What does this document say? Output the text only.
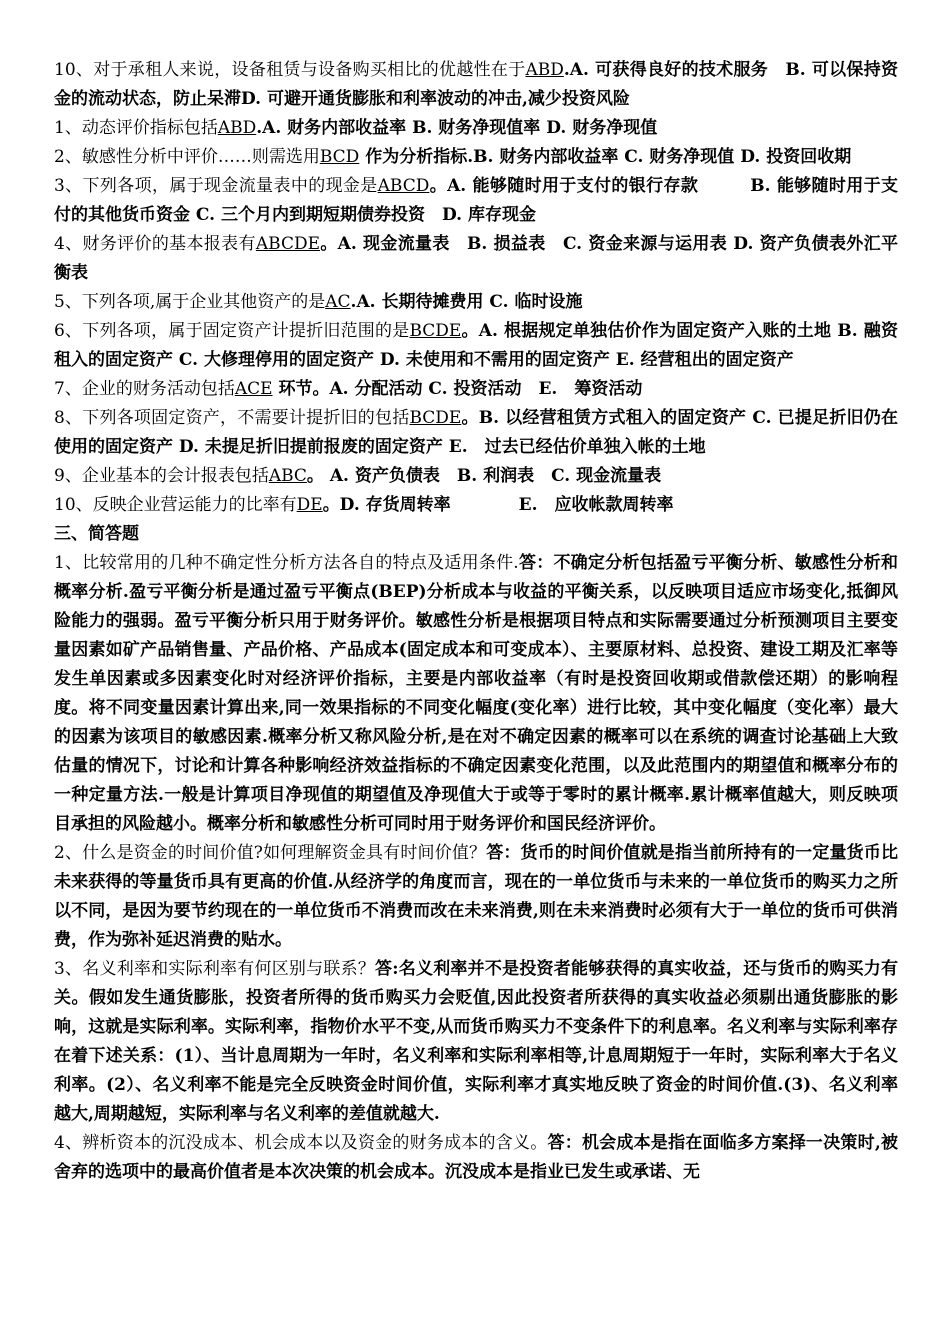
10、对于承租人来说，设备租赁与设备购买相比的优越性在于ABD.A. 可获得良好的技术服务　B. 可以保持资金的流动状态，防止呆滞D. 可避开通货膨胀和利率波动的冲击,减少投资风险

1、动态评价指标包括ABD.A. 财务内部收益率 B. 财务净现值率 D. 财务净现值

2、敏感性分析中评价……则需选用BCD 作为分析指标.B. 财务内部收益率 C. 财务净现值 D. 投资回收期

3、下列各项，属于现金流量表中的现金是ABCD。A. 能够随时用于支付的银行存款　　　B. 能够随时用于支付的其他货币资金 C. 三个月内到期短期债券投资　D. 库存现金

4、财务评价的基本报表有ABCDE。A. 现金流量表　B. 损益表　C. 资金来源与运用表 D. 资产负债表外汇平衡表

5、下列各项,属于企业其他资产的是AC.A. 长期待摊费用 C. 临时设施

6、下列各项，属于固定资产计提折旧范围的是BCDE。A. 根据规定单独估价作为固定资产入账的土地 B. 融资租入的固定资产 C. 大修理停用的固定资产 D. 未使用和不需用的固定资产 E. 经营租出的固定资产

7、企业的财务活动包括ACE 环节。A. 分配活动 C. 投资活动　E.　筹资活动

8、下列各项固定资产，不需要计提折旧的包括BCDE。B. 以经营租赁方式租入的固定资产 C. 已提足折旧仍在使用的固定资产 D. 未提足折旧提前报废的固定资产 E.　过去已经估价单独入帐的土地

9、企业基本的会计报表包括ABC。 A. 资产负债表　B. 利润表　C. 现金流量表

10、反映企业营运能力的比率有DE。D. 存货周转率　　　　E.　应收帐款周转率

三、简答题

1、比较常用的几种不确定性分析方法各自的特点及适用条件.答：不确定分析包括盈亏平衡分析、敏感性分析和概率分析.盈亏平衡分析是通过盈亏平衡点(BEP)分析成本与收益的平衡关系，以反映项目适应市场变化,抵御风险能力的强弱。盈亏平衡分析只用于财务评价。敏感性分析是根据项目特点和实际需要通过分析预测项目主要变量因素如矿产品销售量、产品价格、产品成本(固定成本和可变成本）、主要原材料、总投资、建设工期及汇率等发生单因素或多因素变化时对经济评价指标，主要是内部收益率（有时是投资回收期或借款偿还期）的影响程度。将不同变量因素计算出来,同一效果指标的不同变化幅度(变化率）进行比较，其中变化幅度（变化率）最大的因素为该项目的敏感因素.概率分析又称风险分析,是在对不确定因素的概率可以在系统的调查讨论基础上大致估量的情况下，讨论和计算各种影响经济效益指标的不确定因素变化范围，以及此范围内的期望值和概率分布的一种定量方法.一般是计算项目净现值的期望值及净现值大于或等于零时的累计概率.累计概率值越大，则反映项目承担的风险越小。概率分析和敏感性分析可同时用于财务评价和国民经济评价。

2、什么是资金的时间价值?如何理解资金具有时间价值？答：货币的时间价值就是指当前所持有的一定量货币比未来获得的等量货币具有更高的价值.从经济学的角度而言，现在的一单位货币与未来的一单位货币的购买力之所以不同，是因为要节约现在的一单位货币不消费而改在未来消费,则在未来消费时必须有大于一单位的货币可供消费，作为弥补延迟消费的贴水。

3、名义利率和实际利率有何区别与联系？答:名义利率并不是投资者能够获得的真实收益，还与货币的购买力有关。假如发生通货膨胀，投资者所得的货币购买力会贬值,因此投资者所获得的真实收益必须剔出通货膨胀的影响，这就是实际利率。实际利率，指物价水平不变,从而货币购买力不变条件下的利息率。名义利率与实际利率存在着下述关系：(1）、当计息周期为一年时，名义利率和实际利率相等,计息周期短于一年时，实际利率大于名义利率。(2）、名义利率不能是完全反映资金时间价值，实际利率才真实地反映了资金的时间价值.(3)、名义利率越大,周期越短，实际利率与名义利率的差值就越大.

4、辨析资本的沉没成本、机会成本以及资金的财务成本的含义。答：机会成本是指在面临多方案择一决策时,被舍弃的选项中的最高价值者是本次决策的机会成本。沉没成本是指业已发生或承诺、无
